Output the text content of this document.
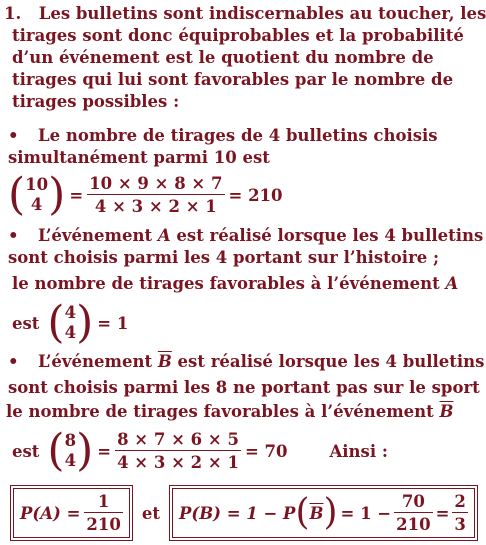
1. Les bulletins sont indiscernables au toucher, les
tirages sont donc équiprobables et la probabilité
d’un événement est le quotient du nombre de
tirages qui lui sont favorables par le nombre de
tirages possibles :
• Le nombre de tirages de 4 bulletins choisis
simultanément parmi 10 est
( 10
4 ) = $\frac{10 \times 9 \times 8 \times 7}{4 \times 3 \times 2 \times 1} = 210$
• L’événement A est réalisé lorsque les 4 bulletins
sont choisis parmi les 4 portant sur l’histoire ;
le nombre de tirages favorables à l’événement A
est ( 4
4 ) = 1
• L’événement $\overline{B}$ est réalisé lorsque les 4 bulletins
sont choisis parmi les 8 ne portant pas sur le sport
le nombre de tirages favorables à l’événement $\overline{B}$
est ( 8
4 ) = $\frac{8 \times 7 \times 6 \times 5}{4 \times 3 \times 2 \times 1} = 70$	Ainsi :
$P(A) = \frac{1}{210}$ et P(B) = 1 − P ( $\overline{B}$ ) = $1 - \frac{70}{210} = \frac{2}{3}$
